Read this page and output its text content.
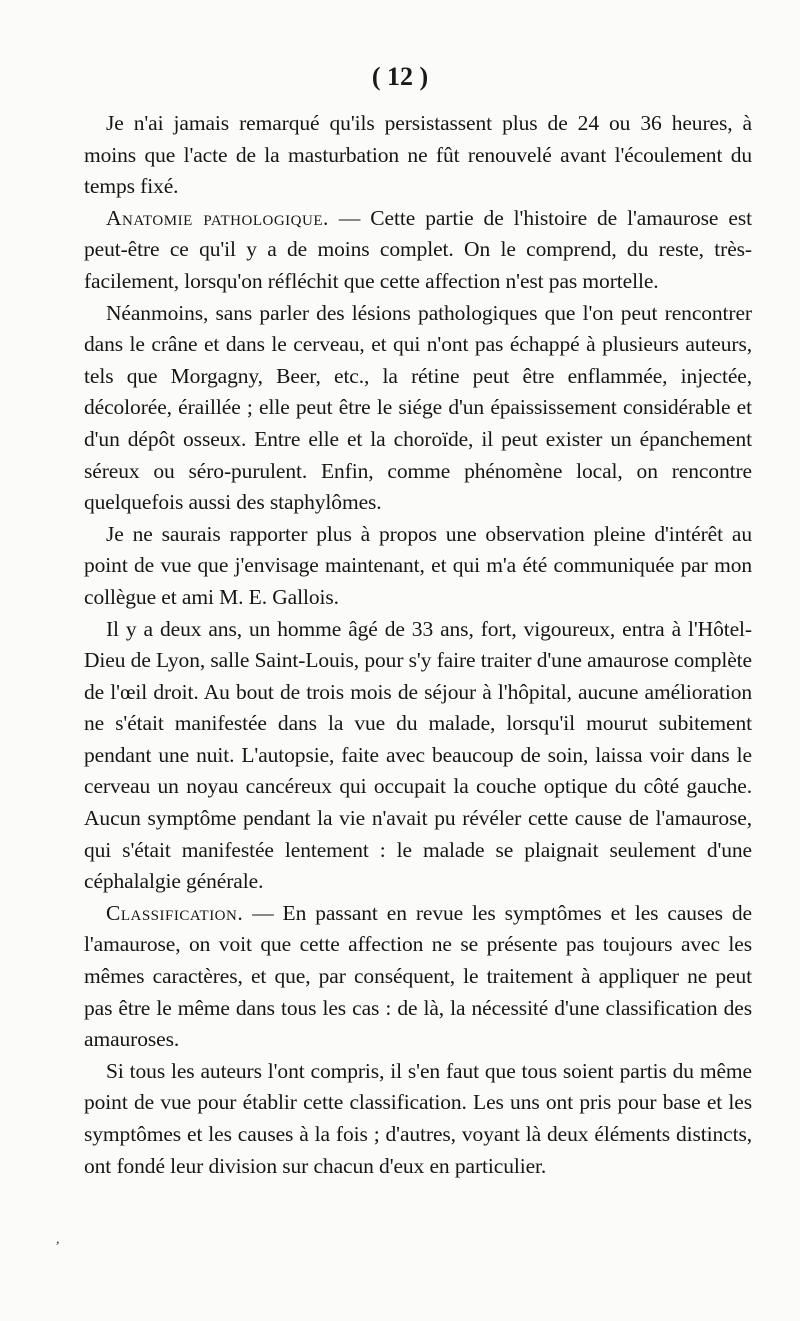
( 12 )

Je n'ai jamais remarqué qu'ils persistassent plus de 24 ou 36 heures, à moins que l'acte de la masturbation ne fût renouvelé avant l'écoulement du temps fixé.

Anatomie pathologique. — Cette partie de l'histoire de l'amaurose est peut-être ce qu'il y a de moins complet. On le comprend, du reste, très-facilement, lorsqu'on réfléchit que cette affection n'est pas mortelle.

Néanmoins, sans parler des lésions pathologiques que l'on peut rencontrer dans le crâne et dans le cerveau, et qui n'ont pas échappé à plusieurs auteurs, tels que Morgagny, Beer, etc., la rétine peut être enflammée, injectée, décolorée, éraillée ; elle peut être le siége d'un épaississement considérable et d'un dépôt osseux. Entre elle et la choroïde, il peut exister un épanchement séreux ou séro-purulent. Enfin, comme phénomène local, on rencontre quelquefois aussi des staphylômes.

Je ne saurais rapporter plus à propos une observation pleine d'intérêt au point de vue que j'envisage maintenant, et qui m'a été communiquée par mon collègue et ami M. E. Gallois.

Il y a deux ans, un homme âgé de 33 ans, fort, vigoureux, entra à l'Hôtel-Dieu de Lyon, salle Saint-Louis, pour s'y faire traiter d'une amaurose complète de l'œil droit. Au bout de trois mois de séjour à l'hôpital, aucune amélioration ne s'était manifestée dans la vue du malade, lorsqu'il mourut subitement pendant une nuit. L'autopsie, faite avec beaucoup de soin, laissa voir dans le cerveau un noyau cancéreux qui occupait la couche optique du côté gauche. Aucun symptôme pendant la vie n'avait pu révéler cette cause de l'amaurose, qui s'était manifestée lentement : le malade se plaignait seulement d'une céphalalgie générale.

Classification. — En passant en revue les symptômes et les causes de l'amaurose, on voit que cette affection ne se présente pas toujours avec les mêmes caractères, et que, par conséquent, le traitement à appliquer ne peut pas être le même dans tous les cas : de là, la nécessité d'une classification des amauroses.

Si tous les auteurs l'ont compris, il s'en faut que tous soient partis du même point de vue pour établir cette classification. Les uns ont pris pour base et les symptômes et les causes à la fois ; d'autres, voyant là deux éléments distincts, ont fondé leur division sur chacun d'eux en particulier.

,
